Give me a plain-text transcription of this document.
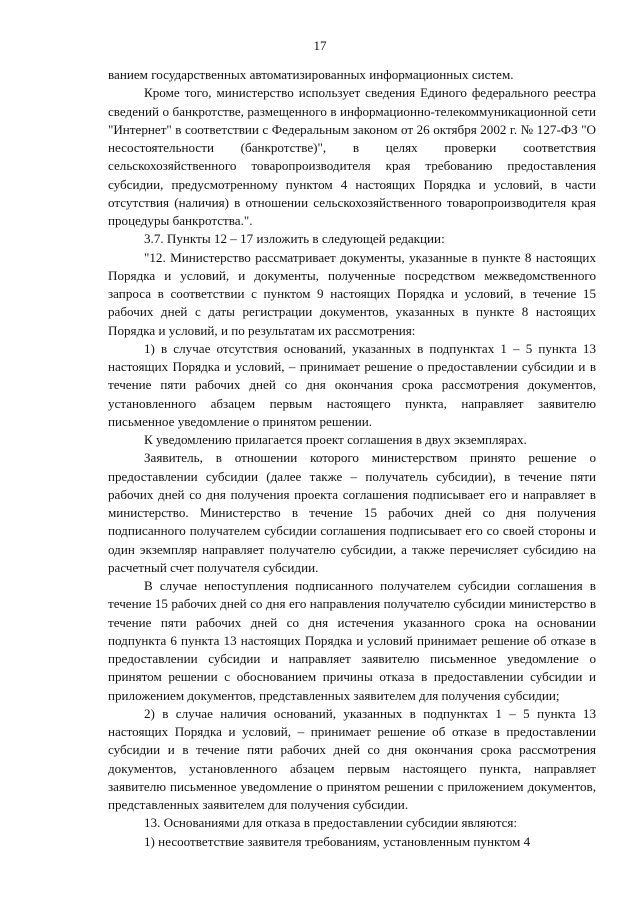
17

ванием государственных автоматизированных информационных систем.

Кроме того, министерство использует сведения Единого федерального реестра сведений о банкротстве, размещенного в информационно-телекоммуникационной сети "Интернет" в соответствии с Федеральным законом от 26 октября 2002 г. № 127-ФЗ "О несостоятельности (банкротстве)", в целях проверки соответствия сельскохозяйственного товаропроизводителя края требованию предоставления субсидии, предусмотренному пунктом 4 настоящих Порядка и условий, в части отсутствия (наличия) в отношении сельскохозяйственного товаропроизводителя края процедуры банкротства.".

3.7. Пункты 12 – 17 изложить в следующей редакции:

"12. Министерство рассматривает документы, указанные в пункте 8 настоящих Порядка и условий, и документы, полученные посредством межведомственного запроса в соответствии с пунктом 9 настоящих Порядка и условий, в течение 15 рабочих дней с даты регистрации документов, указанных в пункте 8 настоящих Порядка и условий, и по результатам их рассмотрения:

1) в случае отсутствия оснований, указанных в подпунктах 1 – 5 пункта 13 настоящих Порядка и условий, – принимает решение о предоставлении субсидии и в течение пяти рабочих дней со дня окончания срока рассмотрения документов, установленного абзацем первым настоящего пункта, направляет заявителю письменное уведомление о принятом решении.

К уведомлению прилагается проект соглашения в двух экземплярах.

Заявитель, в отношении которого министерством принято решение о предоставлении субсидии (далее также – получатель субсидии), в течение пяти рабочих дней со дня получения проекта соглашения подписывает его и направляет в министерство. Министерство в течение 15 рабочих дней со дня получения подписанного получателем субсидии соглашения подписывает его со своей стороны и один экземпляр направляет получателю субсидии, а также перечисляет субсидию на расчетный счет получателя субсидии.

В случае непоступления подписанного получателем субсидии соглашения в течение 15 рабочих дней со дня его направления получателю субсидии министерство в течение пяти рабочих дней со дня истечения указанного срока на основании подпункта 6 пункта 13 настоящих Порядка и условий принимает решение об отказе в предоставлении субсидии и направляет заявителю письменное уведомление о принятом решении с обоснованием причины отказа в предоставлении субсидии и приложением документов, представленных заявителем для получения субсидии;

2) в случае наличия оснований, указанных в подпунктах 1 – 5 пункта 13 настоящих Порядка и условий, – принимает решение об отказе в предоставлении субсидии и в течение пяти рабочих дней со дня окончания срока рассмотрения документов, установленного абзацем первым настоящего пункта, направляет заявителю письменное уведомление о принятом решении с приложением документов, представленных заявителем для получения субсидии.

13. Основаниями для отказа в предоставлении субсидии являются:

1) несоответствие заявителя требованиям, установленным пунктом 4
